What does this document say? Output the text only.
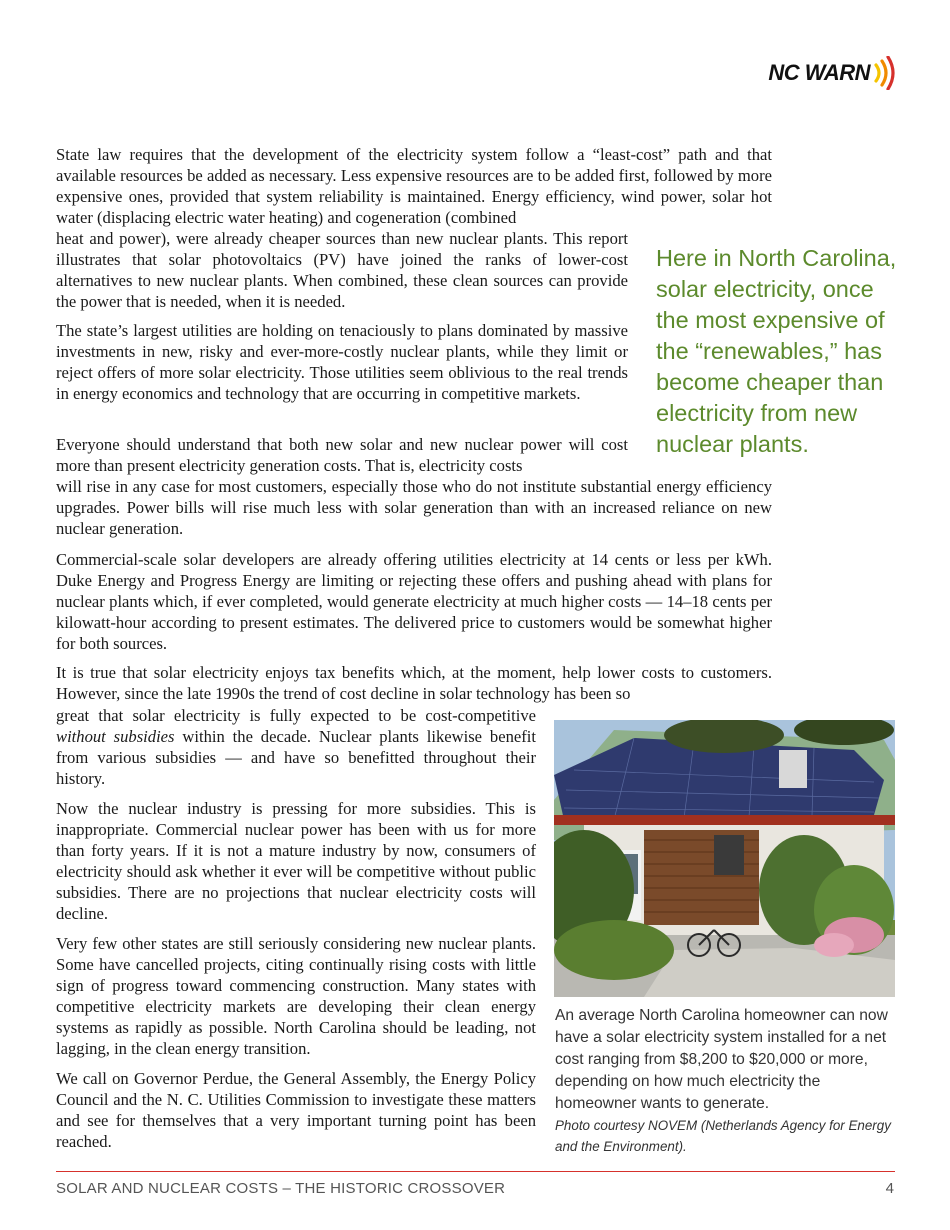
NC WARN

State law requires that the development of the electricity system follow a “least-cost” path and that available resources be added as necessary. Less expensive resources are to be added first, followed by more expensive ones, provided that system reliability is maintained. Energy efficiency, wind power, solar hot water (displacing electric water heating) and cogeneration (combined

heat and power), were already cheaper sources than new nuclear plants. This report illustrates that solar photovoltaics (PV) have joined the ranks of lower-cost alternatives to new nuclear plants. When combined, these clean sources can provide the power that is needed, when it is needed.

The state’s largest utilities are holding on tenaciously to plans dominated by massive investments in new, risky and ever-more-costly nuclear plants, while they limit or reject offers of more solar electricity. Those utilities seem oblivious to the real trends in energy economics and technology that are occurring in competitive markets.

Everyone should understand that both new solar and new nuclear power will cost more than present electricity generation costs. That is, electricity costs

will rise in any case for most customers, especially those who do not institute substantial energy efficiency upgrades. Power bills will rise much less with solar generation than with an increased reliance on new nuclear generation.

Commercial-scale solar developers are already offering utilities electricity at 14 cents or less per kWh. Duke Energy and Progress Energy are limiting or rejecting these offers and pushing ahead with plans for nuclear plants which, if ever completed, would generate electricity at much higher costs — 14–18 cents per kilowatt-hour according to present estimates. The delivered price to customers would be somewhat higher for both sources.

It is true that solar electricity enjoys tax benefits which, at the moment, help lower costs to customers. However, since the late 1990s the trend of cost decline in solar technology has been so

great that solar electricity is fully expected to be cost-competitive without subsidies within the decade. Nuclear plants likewise benefit from various subsidies — and have so benefitted throughout their history.

Now the nuclear industry is pressing for more subsidies. This is inappropriate. Commercial nuclear power has been with us for more than forty years. If it is not a mature industry by now, consumers of electricity should ask whether it ever will be competitive without public subsidies. There are no projections that nuclear electricity costs will decline.

Very few other states are still seriously considering new nuclear plants. Some have cancelled projects, citing continually rising costs with little sign of progress toward commencing construction. Many states with competitive electricity markets are developing their clean energy systems as rapidly as possible. North Carolina should be leading, not lagging, in the clean energy transition.

We call on Governor Perdue, the General Assembly, the Energy Policy Council and the N. C. Utilities Commission to investigate these matters and see for themselves that a very important turning point has been reached.

Here in North Carolina, solar electricity, once the most expensive of the “renewables,” has become cheaper than electricity from new nuclear plants.

An average North Carolina homeowner can now have a solar electricity system installed for a net cost ranging from $8,200 to $20,000 or more, depending on how much electricity the homeowner wants to generate.

Photo courtesy NOVEM (Netherlands Agency for Energy and the Environment).

SOLAR AND NUCLEAR COSTS – THE HISTORIC CROSSOVER	4
